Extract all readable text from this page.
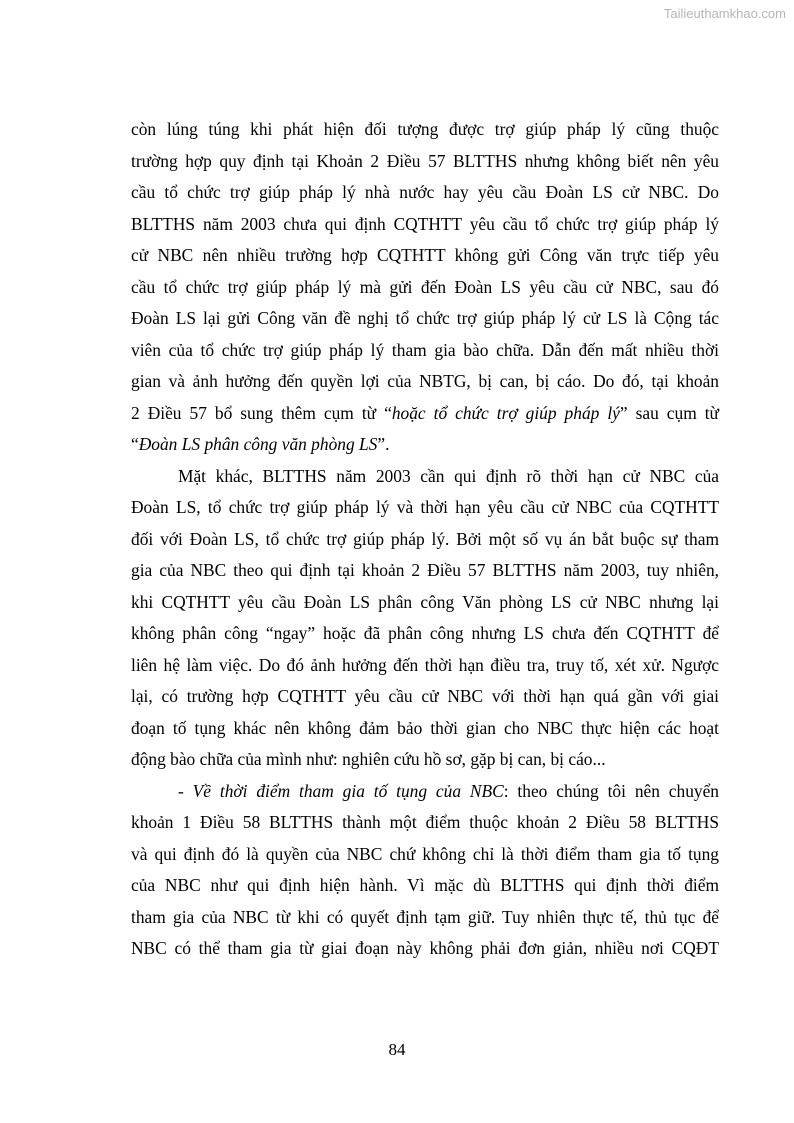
Tailieuthamkhao.com

còn lúng túng khi phát hiện đối tượng được trợ giúp pháp lý cũng thuộc
trường hợp quy định tại Khoản 2 Điều 57 BLTTHS nhưng không biết nên yêu
cầu tổ chức trợ giúp pháp lý nhà nước hay yêu cầu Đoàn LS cử NBC. Do
BLTTHS năm 2003 chưa qui định CQTHTT yêu cầu tổ chức trợ giúp pháp lý
cử NBC nên nhiều trường hợp CQTHTT không gửi Công văn trực tiếp yêu
cầu tổ chức trợ giúp pháp lý mà gửi đến Đoàn LS yêu cầu cử NBC, sau đó
Đoàn LS lại gửi Công văn đề nghị tổ chức trợ giúp pháp lý cử LS là Cộng tác
viên của tổ chức trợ giúp pháp lý tham gia bào chữa. Dẫn đến mất nhiều thời
gian và ảnh hưởng đến quyền lợi của NBTG, bị can, bị cáo. Do đó, tại khoản
2 Điều 57 bổ sung thêm cụm từ “hoặc tổ chức trợ giúp pháp lý” sau cụm từ
“Đoàn LS phân công văn phòng LS”.

Mặt khác, BLTTHS năm 2003 cần qui định rõ thời hạn cử NBC của
Đoàn LS, tổ chức trợ giúp pháp lý và thời hạn yêu cầu cử NBC của CQTHTT
đối với Đoàn LS, tổ chức trợ giúp pháp lý. Bởi một số vụ án bắt buộc sự tham
gia của NBC theo qui định tại khoản 2 Điều 57 BLTTHS năm 2003, tuy nhiên,
khi CQTHTT yêu cầu Đoàn LS phân công Văn phòng LS cử NBC nhưng lại
không phân công “ngay” hoặc đã phân công nhưng LS chưa đến CQTHTT để
liên hệ làm việc. Do đó ảnh hưởng đến thời hạn điều tra, truy tố, xét xử. Ngược
lại, có trường hợp CQTHTT yêu cầu cử NBC với thời hạn quá gần với giai
đoạn tố tụng khác nên không đảm bảo thời gian cho NBC thực hiện các hoạt
động bào chữa của mình như: nghiên cứu hồ sơ, gặp bị can, bị cáo...

- Về thời điểm tham gia tố tụng của NBC: theo chúng tôi nên chuyển
khoản 1 Điều 58 BLTTHS thành một điểm thuộc khoản 2 Điều 58 BLTTHS
và qui định đó là quyền của NBC chứ không chỉ là thời điểm tham gia tố tụng
của NBC như qui định hiện hành. Vì mặc dù BLTTHS qui định thời điểm
tham gia của NBC từ khi có quyết định tạm giữ. Tuy nhiên thực tế, thủ tục để
NBC có thể tham gia từ giai đoạn này không phải đơn giản, nhiều nơi CQĐT

84
